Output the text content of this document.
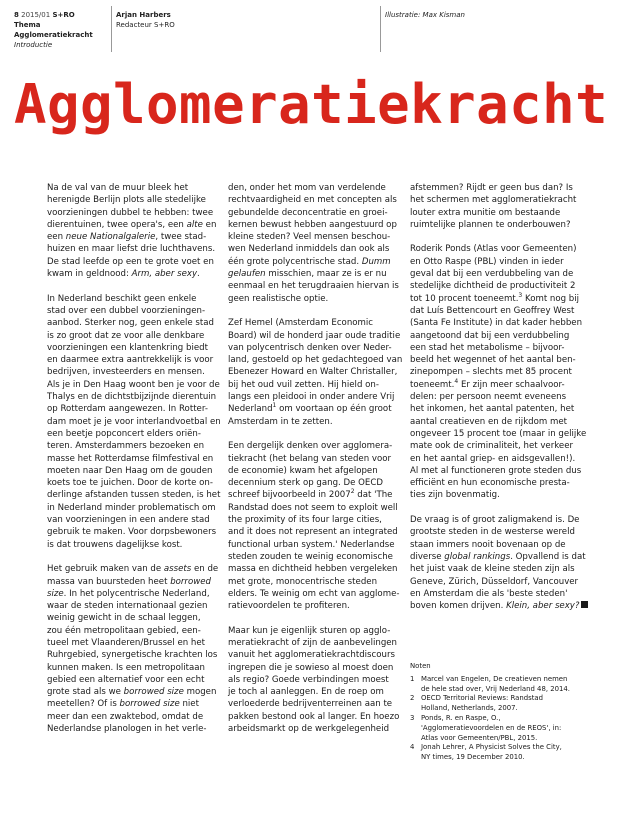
8 2015/01 S+RO
Thema
Agglomeratiekracht
Introductie
Arjan Harbers
Redacteur S+RO
Illustratie: Max Kisman
Agglomeratiekracht

Na de val van de muur bleek het
herenigde Berlijn plots alle stedelijke
voorzieningen dubbel te hebben: twee
dierentuinen, twee opera's, een alte en
een neue Nationalgalerie, twee stad-
huizen en maar liefst drie luchthavens.
De stad leefde op een te grote voet en
kwam in geldnood: Arm, aber sexy.

In Nederland beschikt geen enkele
stad over een dubbel voorzieningen-
aanbod. Sterker nog, geen enkele stad
is zo groot dat ze voor alle denkbare
voorzieningen een klantenkring biedt
en daarmee extra aantrekkelijk is voor
bedrijven, investeerders en mensen.
Als je in Den Haag woont ben je voor de
Thalys en de dichtstbijzijnde dierentuin
op Rotterdam aangewezen. In Rotter-
dam moet je je voor interlandvoetbal en
een beetje popconcert elders oriën-
teren. Amsterdammers bezoeken en
masse het Rotterdamse filmfestival en
moeten naar Den Haag om de gouden
koets toe te juichen. Door de korte on-
derlinge afstanden tussen steden, is het
in Nederland minder problematisch om
van voorzieningen in een andere stad
gebruik te maken. Voor dorpsbewoners
is dat trouwens dagelijkse kost.

Het gebruik maken van de assets en de
massa van buursteden heet borrowed
size. In het polycentrische Nederland,
waar de steden internationaal gezien
weinig gewicht in de schaal leggen,
zou één metropolitaan gebied, een-
tueel met Vlaanderen/Brussel en het
Ruhrgebied, synergetische krachten los
kunnen maken. Is een metropolitaan
gebied een alternatief voor een echt
grote stad als we borrowed size mogen
meetellen? Of is borrowed size niet
meer dan een zwaktebod, omdat de
Nederlandse planologen in het verle-

den, onder het mom van verdelende
rechtvaardigheid en met concepten als
gebundelde deconcentratie en groei-
kernen bewust hebben aangestuurd op
kleine steden? Veel mensen beschou-
wen Nederland inmiddels dan ook als
één grote polycentrische stad. Dumm
gelaufen misschien, maar ze is er nu
eenmaal en het terugdraaien hiervan is
geen realistische optie.

Zef Hemel (Amsterdam Economic
Board) wil de honderd jaar oude traditie
van polycentrisch denken over Neder-
land, gestoeld op het gedachtegoed van
Ebenezer Howard en Walter Christaller,
bij het oud vuil zetten. Hij hield on-
langs een pleidooi in onder andere Vrij
Nederland$^1$ om voortaan op één groot
Amsterdam in te zetten.

Een dergelijk denken over agglomera-
tiekracht (het belang van steden voor
de economie) kwam het afgelopen
decennium sterk op gang. De OECD
schreef bijvoorbeeld in 2007$^2$ dat 'The
Randstad does not seem to exploit well
the proximity of its four large cities,
and it does not represent an integrated
functional urban system.' Nederlandse
steden zouden te weinig economische
massa en dichtheid hebben vergeleken
met grote, monocentrische steden
elders. Te weinig om echt van agglome-
ratievoordelen te profiteren.

Maar kun je eigenlijk sturen op agglo-
meratiekracht of zijn de aanbevelingen
vanuit het agglomeratiekrachtdiscours
ingrepen die je sowieso al moest doen
als regio? Goede verbindingen moest
je toch al aanleggen. En de roep om
verloederde bedrijventerreinen aan te
pakken bestond ook al langer. En hoezo
arbeidsmarkt op de werkgelegenheid

afstemmen? Rijdt er geen bus dan? Is
het schermen met agglomeratiekracht
louter extra munitie om bestaande
ruimtelijke plannen te onderbouwen?

Roderik Ponds (Atlas voor Gemeenten)
en Otto Raspe (PBL) vinden in ieder
geval dat bij een verdubbeling van de
stedelijke dichtheid de productiviteit 2
tot 10 procent toeneemt.$^3$ Komt nog bij
dat Luís Bettencourt en Geoffrey West
(Santa Fe Institute) in dat kader hebben
aangetoond dat bij een verdubbeling
een stad het metabolisme – bijvoor-
beeld het wegennet of het aantal ben-
zinepompen – slechts met 85 procent
toeneemt.$^4$ Er zijn meer schaalvoor-
delen: per persoon neemt eveneens
het inkomen, het aantal patenten, het
aantal creatieven en de rijkdom met
ongeveer 15 procent toe (maar in gelijke
mate ook de criminaliteit, het verkeer
en het aantal griep- en aidsgevallen!).
Al met al functioneren grote steden dus
efficiënt en hun economische presta-
ties zijn bovenmatig.

De vraag is of groot zaligmakend is. De
grootste steden in de westerse wereld
staan immers nooit bovenaan op de
diverse global rankings. Opvallend is dat
het juist vaak de kleine steden zijn als
Geneve, Zürich, Düsseldorf, Vancouver
en Amsterdam die als 'beste steden'
boven komen drijven. Klein, aber sexy?

Noten
1 Marcel van Engelen, De creatieven nemen
de hele stad over, Vrij Nederland 48, 2014.
2 OECD Territorial Reviews: Randstad
Holland, Netherlands, 2007.
3 Ponds, R. en Raspe, O.,
'Agglomeratievoordelen en de REOS', in:
Atlas voor Gemeenten/PBL, 2015.
4 Jonah Lehrer, A Physicist Solves the City,
NY times, 19 December 2010.
